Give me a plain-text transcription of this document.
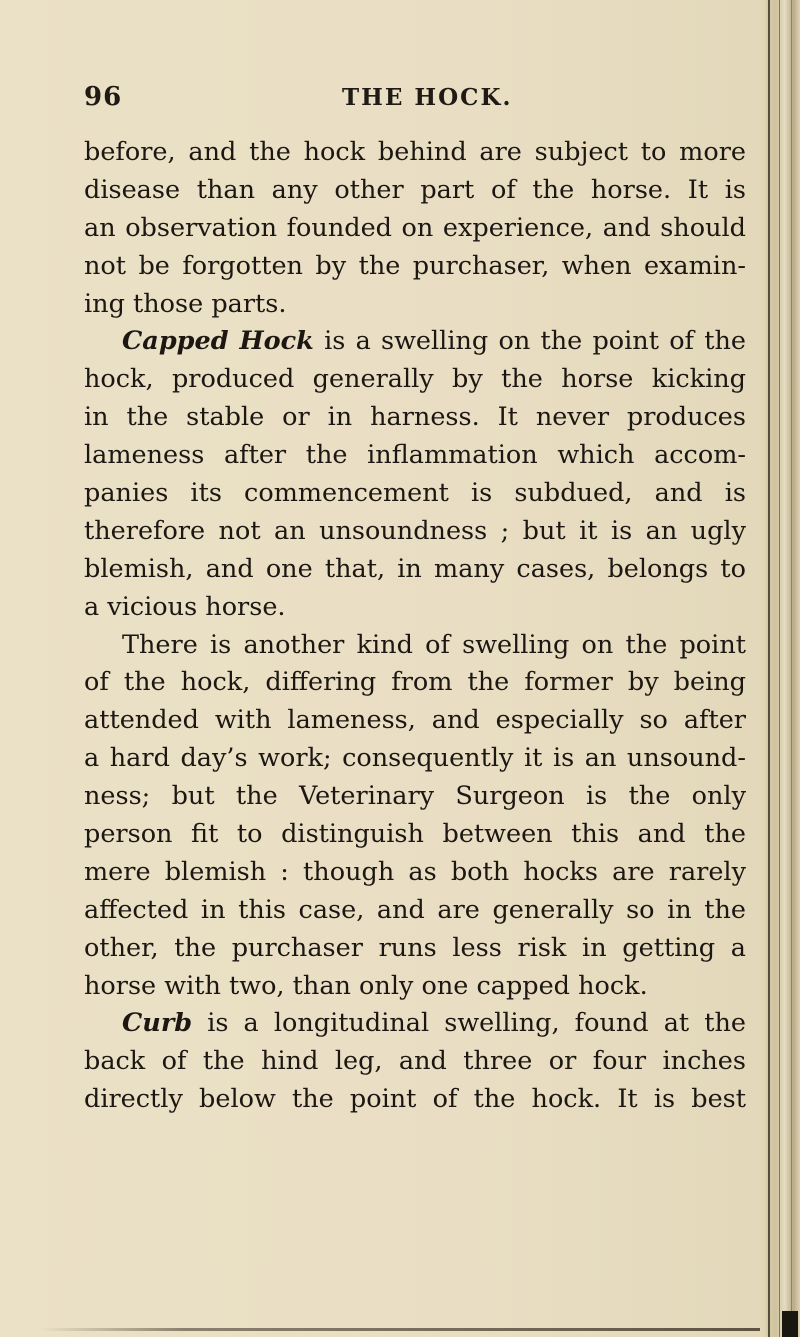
96	THE HOCK.
before, and the hock behind are subject to more
disease than any other part of the horse. It is
an observation founded on experience, and should
not be forgotten by the purchaser, when examin-
ing those parts.
Capped Hock is a swelling on the point of the
hock, produced generally by the horse kicking
in the stable or in harness. It never produces
lameness after the inflammation which accom-
panies its commencement is subdued, and is
therefore not an unsoundness ; but it is an ugly
blemish, and one that, in many cases, belongs to
a vicious horse.
There is another kind of swelling on the point
of the hock, differing from the former by being
attended with lameness, and especially so after
a hard day’s work; consequently it is an unsound-
ness; but the Veterinary Surgeon is the only
person fit to distinguish between this and the
mere blemish : though as both hocks are rarely
affected in this case, and are generally so in the
other, the purchaser runs less risk in getting a
horse with two, than only one capped hock.
Curb is a longitudinal swelling, found at the
back of the hind leg, and three or four inches
directly below the point of the hock. It is best
